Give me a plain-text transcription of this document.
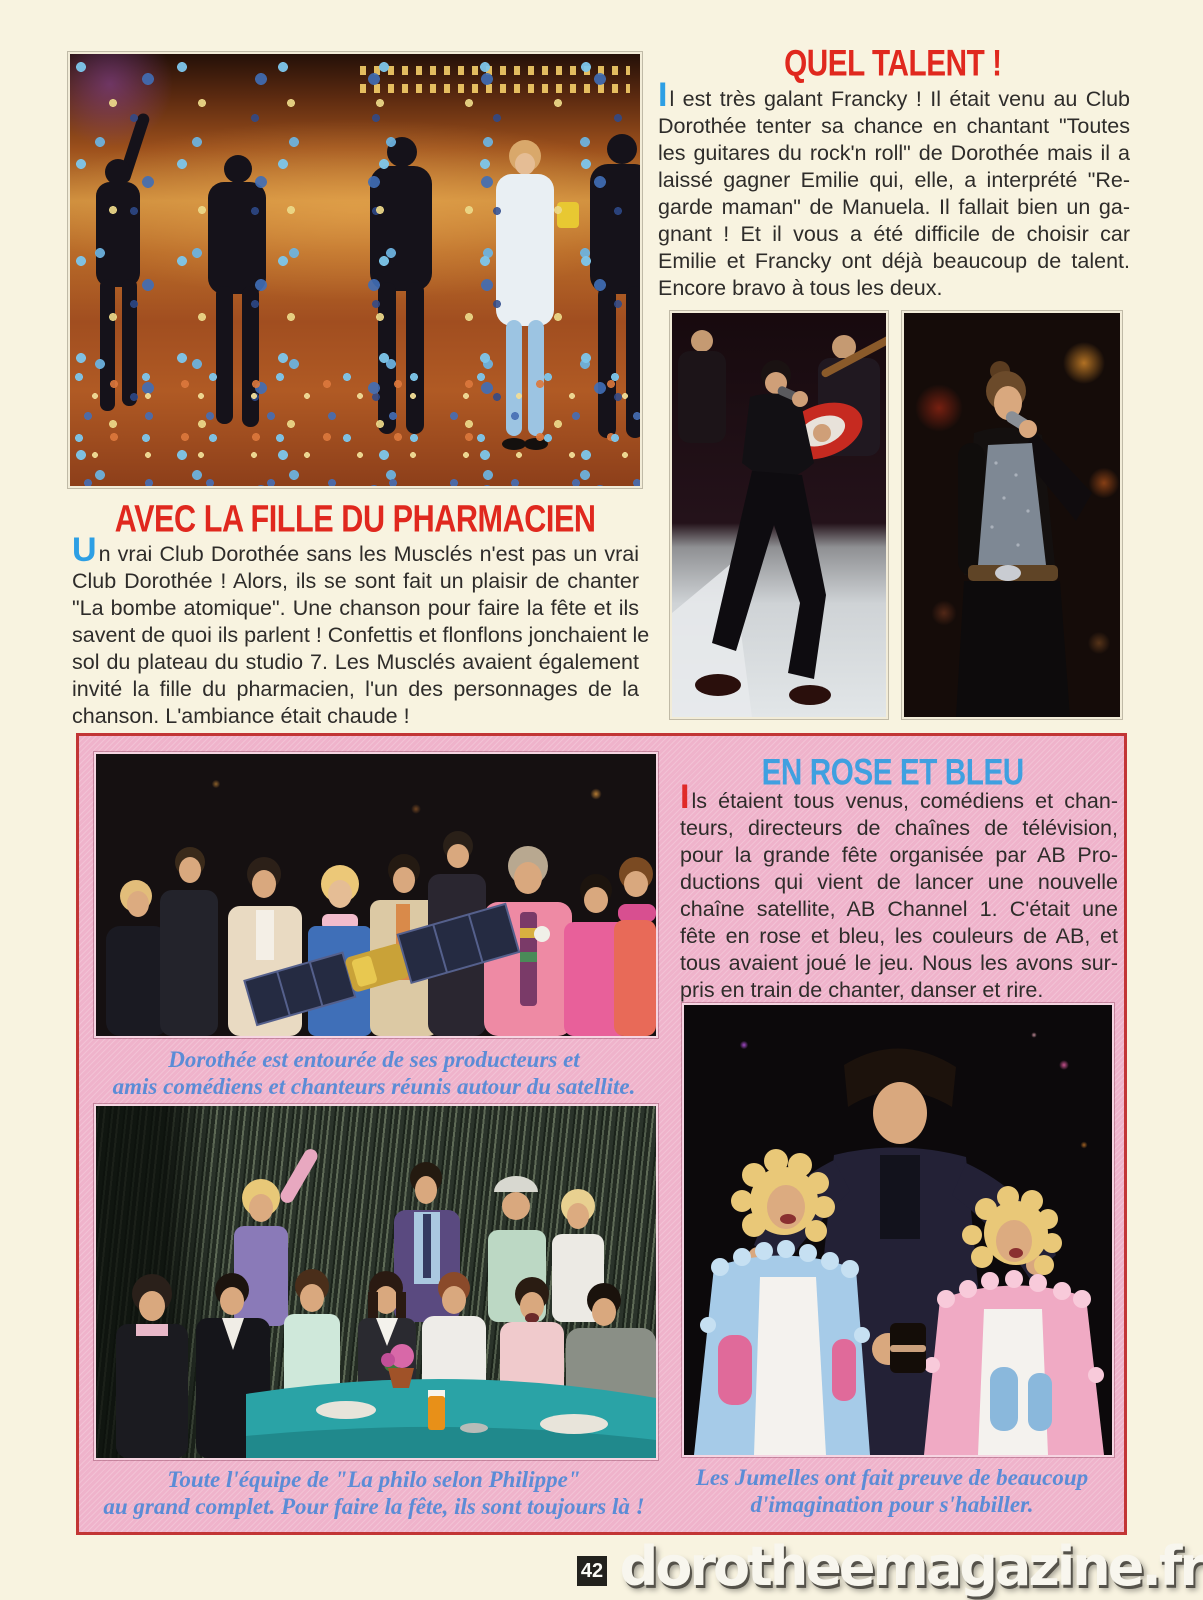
AVEC LA FILLE DU PHARMACIEN
Un vrai Club Dorothée sans les Musclés n'est pas un vrai
Club Dorothée ! Alors, ils se sont fait un plaisir de chanter
"La bombe atomique". Une chanson pour faire la fête et ils
savent de quoi ils parlent ! Confettis et flonflons jonchaient le
sol du plateau du studio 7. Les Musclés avaient également
invité la fille du pharmacien, l'un des personnages de la
chanson. L'ambiance était chaude !
QUEL TALENT !
Il est très galant Francky ! Il était venu au Club
Dorothée tenter sa chance en chantant "Toutes
les guitares du rock'n roll" de Dorothée mais il a
laissé gagner Emilie qui, elle, a interprété "Re-
garde maman" de Manuela. Il fallait bien un ga-
gnant ! Et il vous a été difficile de choisir car
Emilie et Francky ont déjà beaucoup de talent.
Encore bravo à tous les deux.
Dorothée est entourée de ses producteurs et
amis comédiens et chanteurs réunis autour du satellite.
Toute l'équipe de "La philo selon Philippe"
au grand complet. Pour faire la fête, ils sont toujours là !
EN ROSE ET BLEU
Ils étaient tous venus, comédiens et chan-
teurs, directeurs de chaînes de télévision,
pour la grande fête organisée par AB Pro-
ductions qui vient de lancer une nouvelle
chaîne satellite, AB Channel 1. C'était une
fête en rose et bleu, les couleurs de AB, et
tous avaient joué le jeu. Nous les avons sur-
pris en train de chanter, danser et rire.
Les Jumelles ont fait preuve de beaucoup
d'imagination pour s'habiller.
42 dorotheemagazine.fr
